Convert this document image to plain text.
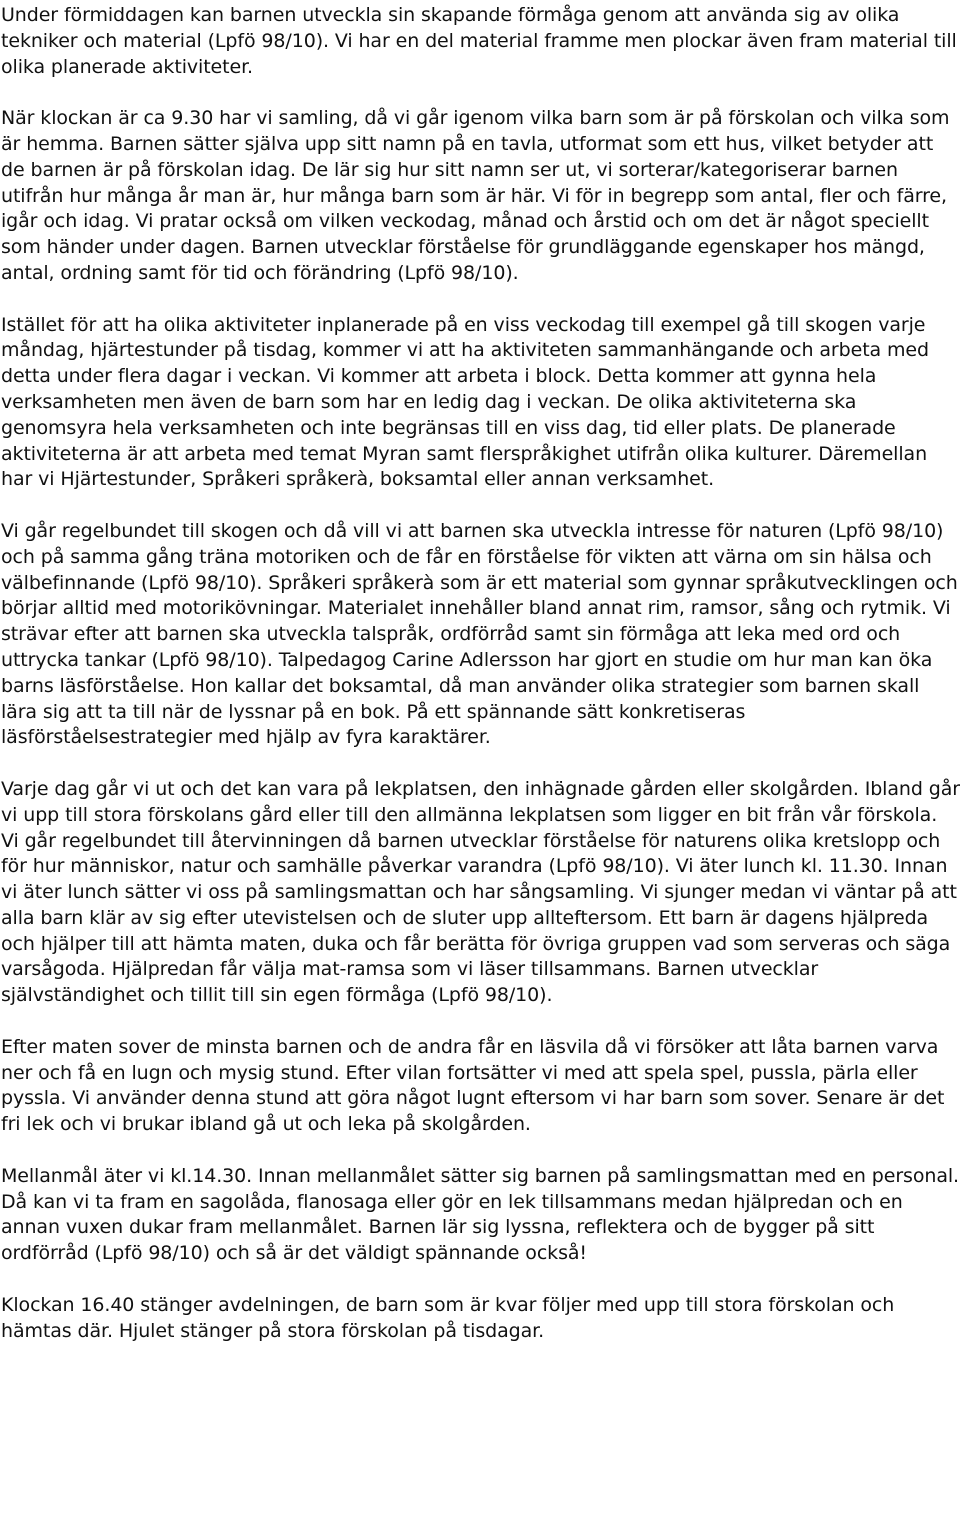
Under förmiddagen kan barnen utveckla sin skapande förmåga genom att använda sig av olika tekniker och material (Lpfö 98/10). Vi har en del material framme men plockar även fram material till olika planerade aktiviteter.

När klockan är ca 9.30 har vi samling, då vi går igenom vilka barn som är på förskolan och vilka som är hemma. Barnen sätter själva upp sitt namn på en tavla, utformat som ett hus, vilket betyder att de barnen är på förskolan idag. De lär sig hur sitt namn ser ut, vi sorterar/kategoriserar barnen utifrån hur många år man är, hur många barn som är här. Vi för in begrepp som antal, fler och färre, igår och idag. Vi pratar också om vilken veckodag, månad och årstid och om det är något speciellt som händer under dagen. Barnen utvecklar förståelse för grundläggande egenskaper hos mängd, antal, ordning samt för tid och förändring (Lpfö 98/10).

Istället för att ha olika aktiviteter inplanerade på en viss veckodag till exempel gå till skogen varje måndag, hjärtestunder på tisdag, kommer vi att ha aktiviteten sammanhängande och arbeta med detta under flera dagar i veckan. Vi kommer att arbeta i block. Detta kommer att gynna hela verksamheten men även de barn som har en ledig dag i veckan. De olika aktiviteterna ska genomsyra hela verksamheten och inte begränsas till en viss dag, tid eller plats. De planerade aktiviteterna är att arbeta med temat Myran samt flerspråkighet utifrån olika kulturer. Däremellan har vi Hjärtestunder, Språkeri språkerà, boksamtal eller annan verksamhet.

Vi går regelbundet till skogen och då vill vi att barnen ska utveckla intresse för naturen (Lpfö 98/10) och på samma gång träna motoriken och de får en förståelse för vikten att värna om sin hälsa och välbefinnande (Lpfö 98/10). Språkeri språkerà som är ett material som gynnar språkutvecklingen och börjar alltid med motorikövningar. Materialet innehåller bland annat rim, ramsor, sång och rytmik. Vi strävar efter att barnen ska utveckla talspråk, ordförråd samt sin förmåga att leka med ord och uttrycka tankar (Lpfö 98/10). Talpedagog Carine Adlersson har gjort en studie om hur man kan öka barns läsförståelse. Hon kallar det boksamtal, då man använder olika strategier som barnen skall lära sig att ta till när de lyssnar på en bok. På ett spännande sätt konkretiseras läsförståelsestrategier med hjälp av fyra karaktärer.

Varje dag går vi ut och det kan vara på lekplatsen, den inhägnade gården eller skolgården. Ibland går vi upp till stora förskolans gård eller till den allmänna lekplatsen som ligger en bit från vår förskola. Vi går regelbundet till återvinningen då barnen utvecklar förståelse för naturens olika kretslopp och för hur människor, natur och samhälle påverkar varandra (Lpfö 98/10). Vi äter lunch kl. 11.30. Innan vi äter lunch sätter vi oss på samlingsmattan och har sångsamling. Vi sjunger medan vi väntar på att alla barn klär av sig efter utevistelsen och de sluter upp allteftersom. Ett barn är dagens hjälpreda och hjälper till att hämta maten, duka och får berätta för övriga gruppen vad som serveras och säga varsågoda. Hjälpredan får välja mat-ramsa som vi läser tillsammans. Barnen utvecklar självständighet och tillit till sin egen förmåga (Lpfö 98/10).

Efter maten sover de minsta barnen och de andra får en läsvila då vi försöker att låta barnen varva ner och få en lugn och mysig stund. Efter vilan fortsätter vi med att spela spel, pussla, pärla eller pyssla. Vi använder denna stund att göra något lugnt eftersom vi har barn som sover. Senare är det fri lek och vi brukar ibland gå ut och leka på skolgården.

Mellanmål äter vi kl.14.30. Innan mellanmålet sätter sig barnen på samlingsmattan med en personal. Då kan vi ta fram en sagolåda, flanosaga eller gör en lek tillsammans medan hjälpredan och en annan vuxen dukar fram mellanmålet. Barnen lär sig lyssna, reflektera och de bygger på sitt ordförråd (Lpfö 98/10) och så är det väldigt spännande också!

Klockan 16.40 stänger avdelningen, de barn som är kvar följer med upp till stora förskolan och hämtas där. Hjulet stänger på stora förskolan på tisdagar.
